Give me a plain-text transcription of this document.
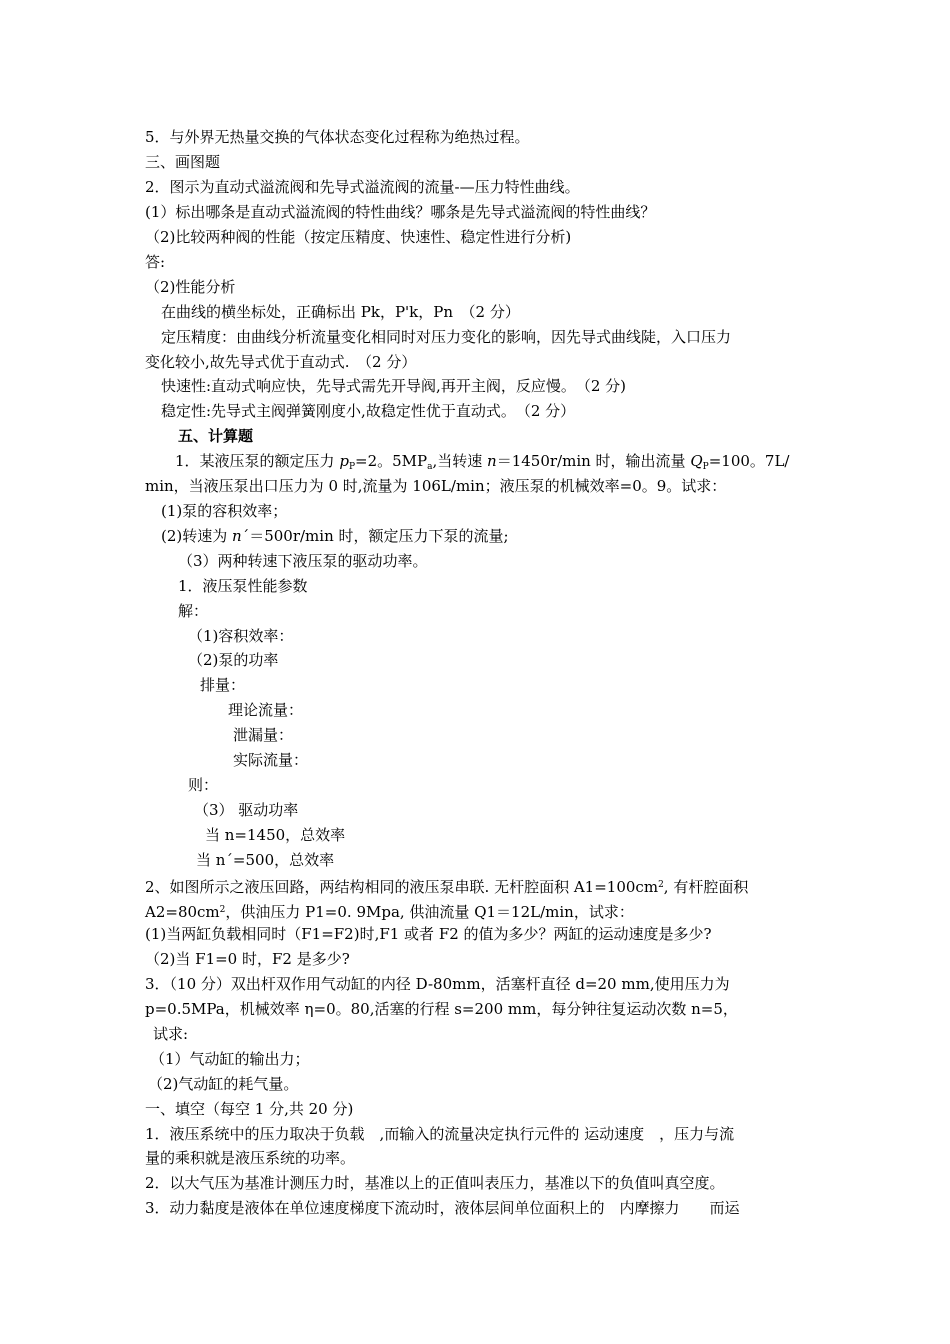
5．与外界无热量交换的气体状态变化过程称为绝热过程。
三、画图题
2．图示为直动式溢流阀和先导式溢流阀的流量-—压力特性曲线。
(1）标出哪条是直动式溢流阀的特性曲线？哪条是先导式溢流阀的特性曲线？
（2)比较两种阀的性能（按定压精度、快速性、稳定性进行分析)
答:
（2)性能分析
在曲线的横坐标处，正确标出 Pk，P'k，Pn　（2 分）
定压精度：由曲线分析流量变化相同时对压力变化的影响，因先导式曲线陡，入口压力
变化较小,故先导式优于直动式.　（2 分）
快速性:直动式响应快，先导式需先开导阀,再开主阀，反应慢。　（2 分)
稳定性:先导式主阀弹簧刚度小,故稳定性优于直动式。　（2 分）
五、计算题
1．某液压泵的额定压力 $p_P=2$。$5MP_a$,当转速 n＝1450r/min 时，输出流量 $Q_P=100$。7L/
min，当液压泵出口压力为 0 时,流量为 106L/min；液压泵的机械效率=0。9。试求：
(1)泵的容积效率；
(2)转速为 n´＝500r/min 时，额定压力下泵的流量;
（3）两种转速下液压泵的驱动功率。
1．液压泵性能参数
解：
（1)容积效率：
（2)泵的功率
排量：
理论流量：
泄漏量：
实际流量：
则：
（3） 驱动功率
当 n=1450，总效率
当 n´=500，总效率
2、如图所示之液压回路，两结构相同的液压泵串联. 无杆腔面积 $A1=100cm^2$, 有杆腔面积
$A2=80cm^2$，供油压力 P1=0. 9Mpa, 供油流量 Q1＝12L/min，试求：
(1)当两缸负载相同时（F1=F2)时,F1 或者 F2 的值为多少？两缸的运动速度是多少?
（2)当 F1=0 时，F2 是多少?
3．（10 分）双出杆双作用气动缸的内径 D-80mm，活塞杆直径 d=20 mm,使用压力为
p=0.5MPa，机械效率 η=0。80,活塞的行程 s=200 mm，每分钟往复运动次数 n=5，
试求:
（1）气动缸的输出力；
（2)气动缸的耗气量。
一、填空（每空 1 分,共 20 分)
1．液压系统中的压力取决于负载　,而输入的流量决定执行元件的 运动速度　，压力与流
量的乘积就是液压系统的功率。
2．以大气压为基准计测压力时，基准以上的正值叫表压力，基准以下的负值叫真空度。
3．动力黏度是液体在单位速度梯度下流动时，液体层间单位面积上的　内摩擦力　　而运
